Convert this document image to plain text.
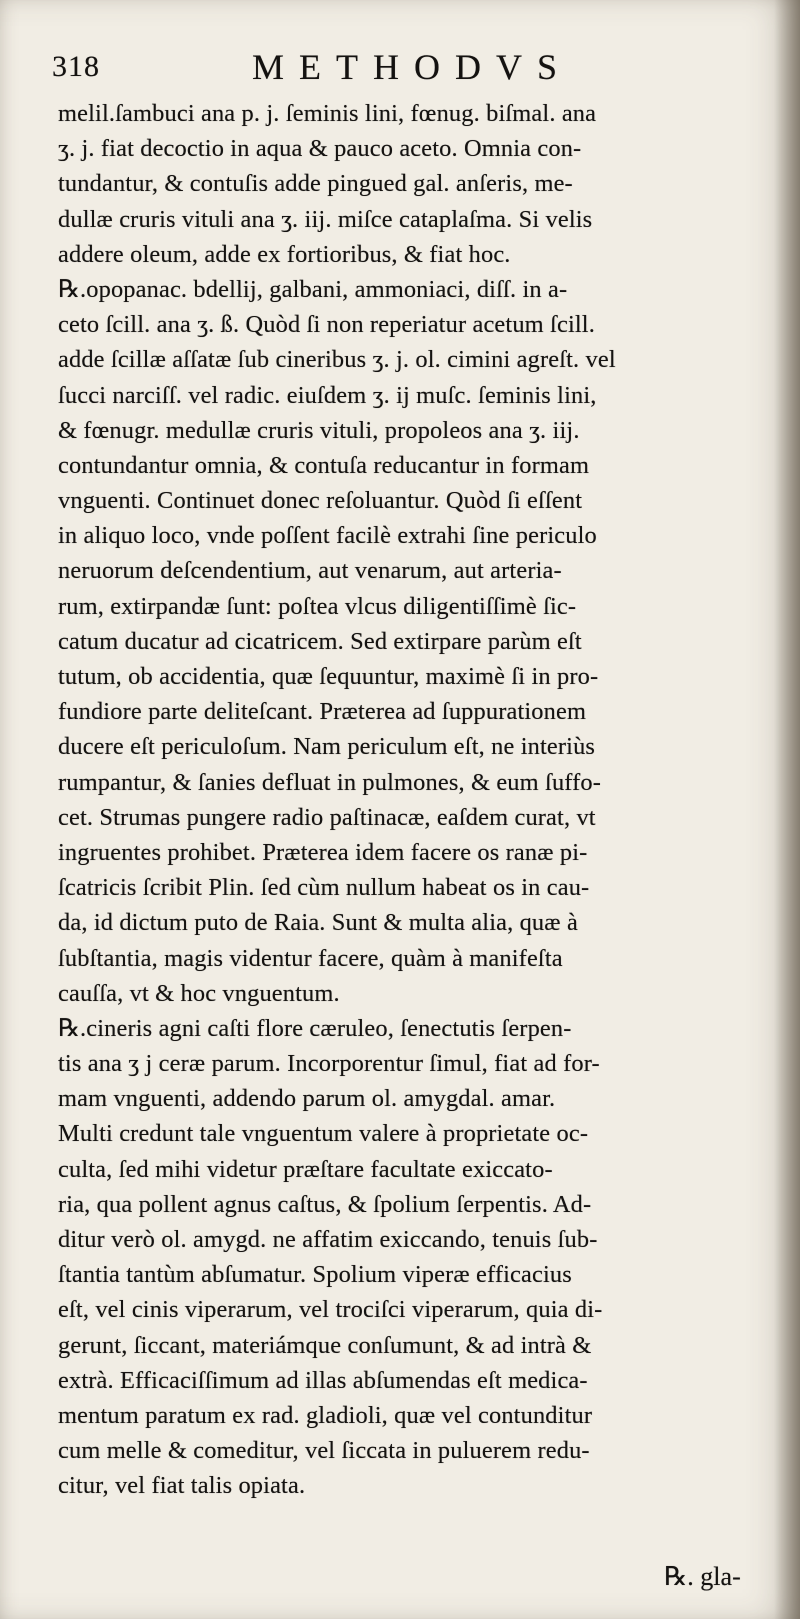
318	METHODVS
melil.ſambuci ana p. j. ſeminis lini, fœnug. biſmal. ana
ʒ. j. fiat decoctio in aqua & pauco aceto. Omnia con-
tundantur, & contuſis adde pingued gal. anſeris, me-
dullæ cruris vituli ana ʒ. iij. miſce cataplaſma. Si velis
addere oleum, adde ex fortioribus, & fiat hoc.
℞.opopanac. bdellij, galbani, ammoniaci, diſſ. in a-
ceto ſcill. ana ʒ. ß. Quòd ſi non reperiatur acetum ſcill.
adde ſcillæ aſſatæ ſub cineribus ʒ. j. ol. cimini agreſt. vel
ſucci narciſſ. vel radic. eiuſdem ʒ. ij muſc. ſeminis lini,
& fœnugr. medullæ cruris vituli, propoleos ana ʒ. iij.
contundantur omnia, & contuſa reducantur in formam
vnguenti. Continuet donec reſoluantur. Quòd ſi eſſent
in aliquo loco, vnde poſſent facilè extrahi ſine periculo
neruorum deſcendentium, aut venarum, aut arteria-
rum, extirpandæ ſunt: poſtea vlcus diligentiſſimè ſic-
catum ducatur ad cicatricem. Sed extirpare parùm eſt
tutum, ob accidentia, quæ ſequuntur, maximè ſi in pro-
fundiore parte deliteſcant. Præterea ad ſuppurationem
ducere eſt periculoſum. Nam periculum eſt, ne interiùs
rumpantur, & ſanies defluat in pulmones, & eum ſuffo-
cet. Strumas pungere radio paſtinacæ, eaſdem curat, vt
ingruentes prohibet. Præterea idem facere os ranæ pi-
ſcatricis ſcribit Plin. ſed cùm nullum habeat os in cau-
da, id dictum puto de Raia. Sunt & multa alia, quæ à
ſubſtantia, magis videntur facere, quàm à manifeſta
cauſſa, vt & hoc vnguentum.
℞.cineris agni caſti flore cæruleo, ſenectutis ſerpen-
tis ana ʒ j ceræ parum. Incorporentur ſimul, fiat ad for-
mam vnguenti, addendo parum ol. amygdal. amar.
Multi credunt tale vnguentum valere à proprietate oc-
culta, ſed mihi videtur præſtare facultate exiccato-
ria, qua pollent agnus caſtus, & ſpolium ſerpentis. Ad-
ditur verò ol. amygd. ne affatim exiccando, tenuis ſub-
ſtantia tantùm abſumatur. Spolium viperæ efficacius
eſt, vel cinis viperarum, vel trociſci viperarum, quia di-
gerunt, ſiccant, materiámque conſumunt, & ad intrà &
extrà. Efficaciſſimum ad illas abſumendas eſt medica-
mentum paratum ex rad. gladioli, quæ vel contunditur
cum melle & comeditur, vel ſiccata in puluerem redu-
citur, vel fiat talis opiata.
℞. gla-
